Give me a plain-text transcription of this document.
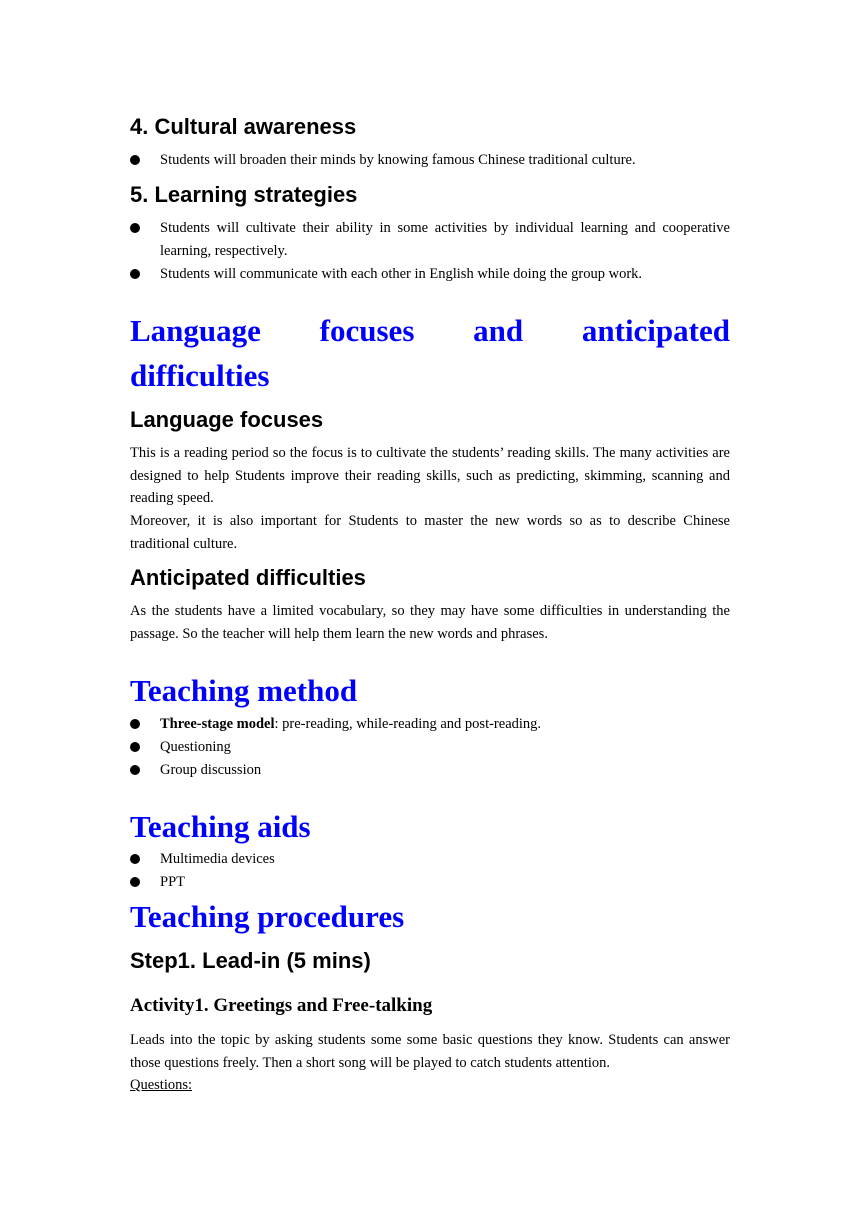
4. Cultural awareness
Students will broaden their minds by knowing famous Chinese traditional culture.
5. Learning strategies
Students will cultivate their ability in some activities by individual learning and cooperative learning, respectively.
Students will communicate with each other in English while doing the group work.
Language focuses and anticipated
difficulties
Language focuses
This is a reading period so the focus is to cultivate the students’ reading skills. The many activities are designed to help Students improve their reading skills, such as predicting, skimming, scanning and reading speed.
Moreover, it is also important for Students to master the new words so as to describe Chinese traditional culture.
Anticipated difficulties
As the students have a limited vocabulary, so they may have some difficulties in understanding the passage. So the teacher will help them learn the new words and phrases.
Teaching method
Three-stage model: pre-reading, while-reading and post-reading.
Questioning
Group discussion
Teaching aids
Multimedia devices
PPT
Teaching procedures
Step1. Lead-in (5 mins)
Activity1. Greetings and Free-talking
Leads into the topic by asking students some some basic questions they know. Students can answer those questions freely. Then a short song will be played to catch students attention.
Questions:
